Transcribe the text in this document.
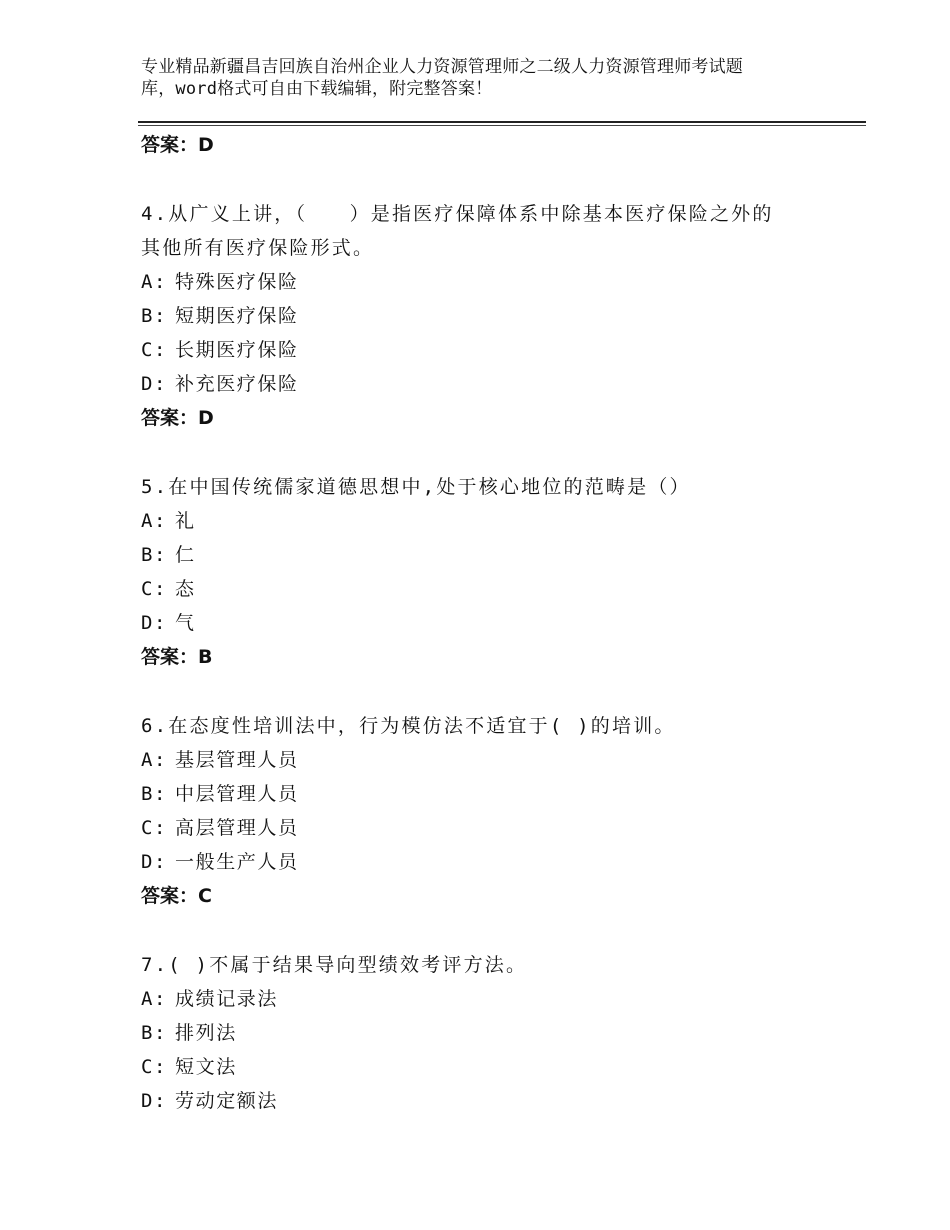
专业精品新疆昌吉回族自治州企业人力资源管理师之二级人力资源管理师考试题
库，word格式可自由下载编辑，附完整答案！
答案：D
4.从广义上讲，（　　）是指医疗保障体系中除基本医疗保险之外的
其他所有医疗保险形式。
A: 特殊医疗保险
B: 短期医疗保险
C: 长期医疗保险
D: 补充医疗保险
答案：D
5.在中国传统儒家道德思想中,处于核心地位的范畴是（）
A: 礼
B: 仁
C: 态
D: 气
答案：B
6.在态度性培训法中，行为模仿法不适宜于( )的培训。
A: 基层管理人员
B: 中层管理人员
C: 高层管理人员
D: 一般生产人员
答案：C
7.( )不属于结果导向型绩效考评方法。
A: 成绩记录法
B: 排列法
C: 短文法
D: 劳动定额法
